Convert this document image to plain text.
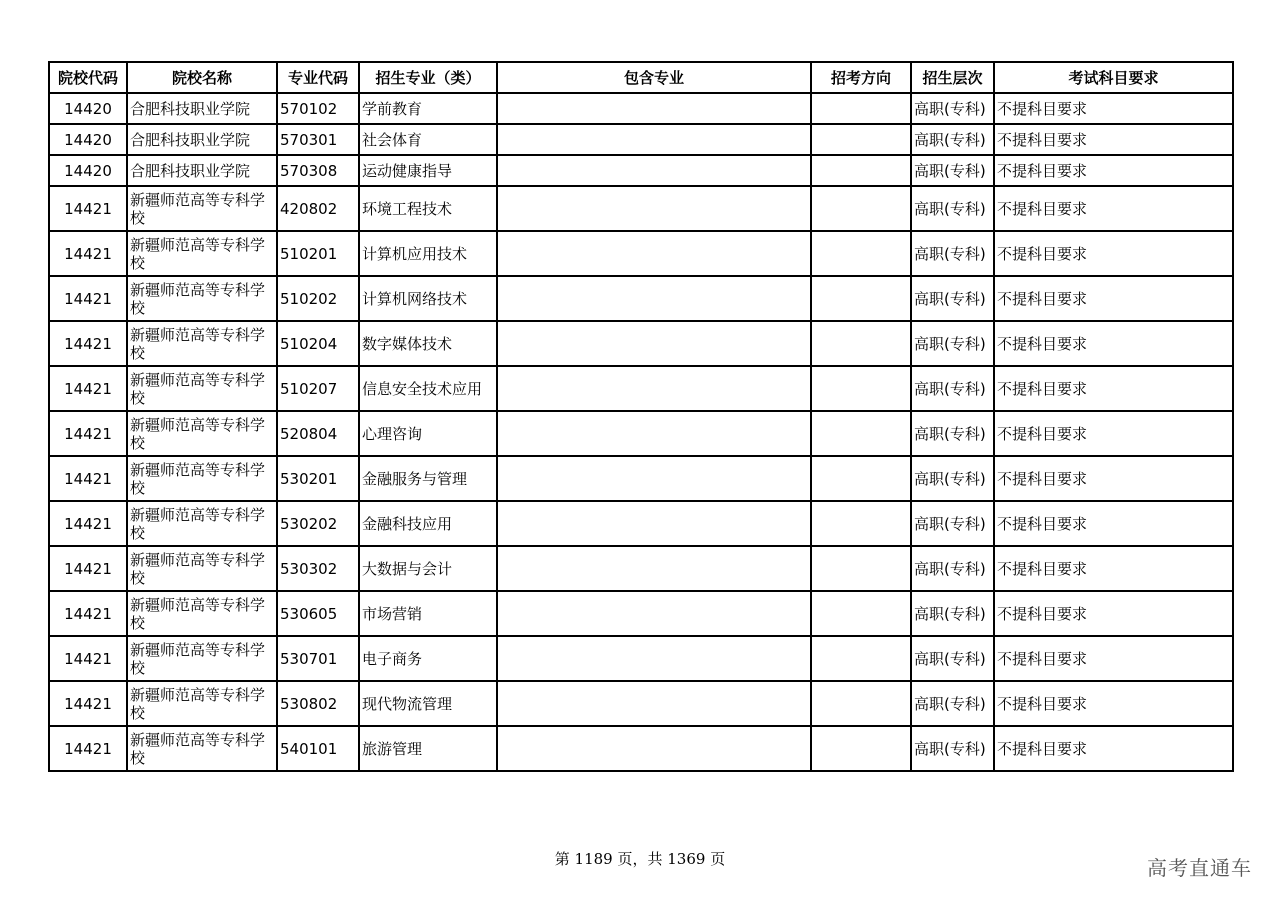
院校代码	院校名称	专业代码	招生专业（类）	包含专业	招考方向	招生层次	考试科目要求
14420	合肥科技职业学院	570102	学前教育			高职(专科)	不提科目要求
14420	合肥科技职业学院	570301	社会体育			高职(专科)	不提科目要求
14420	合肥科技职业学院	570308	运动健康指导			高职(专科)	不提科目要求
14421	新疆师范高等专科学校	420802	环境工程技术			高职(专科)	不提科目要求
14421	新疆师范高等专科学校	510201	计算机应用技术			高职(专科)	不提科目要求
14421	新疆师范高等专科学校	510202	计算机网络技术			高职(专科)	不提科目要求
14421	新疆师范高等专科学校	510204	数字媒体技术			高职(专科)	不提科目要求
14421	新疆师范高等专科学校	510207	信息安全技术应用			高职(专科)	不提科目要求
14421	新疆师范高等专科学校	520804	心理咨询			高职(专科)	不提科目要求
14421	新疆师范高等专科学校	530201	金融服务与管理			高职(专科)	不提科目要求
14421	新疆师范高等专科学校	530202	金融科技应用			高职(专科)	不提科目要求
14421	新疆师范高等专科学校	530302	大数据与会计			高职(专科)	不提科目要求
14421	新疆师范高等专科学校	530605	市场营销			高职(专科)	不提科目要求
14421	新疆师范高等专科学校	530701	电子商务			高职(专科)	不提科目要求
14421	新疆师范高等专科学校	530802	现代物流管理			高职(专科)	不提科目要求
14421	新疆师范高等专科学校	540101	旅游管理			高职(专科)	不提科目要求
第 1189 页，共 1369 页	高考直通车
